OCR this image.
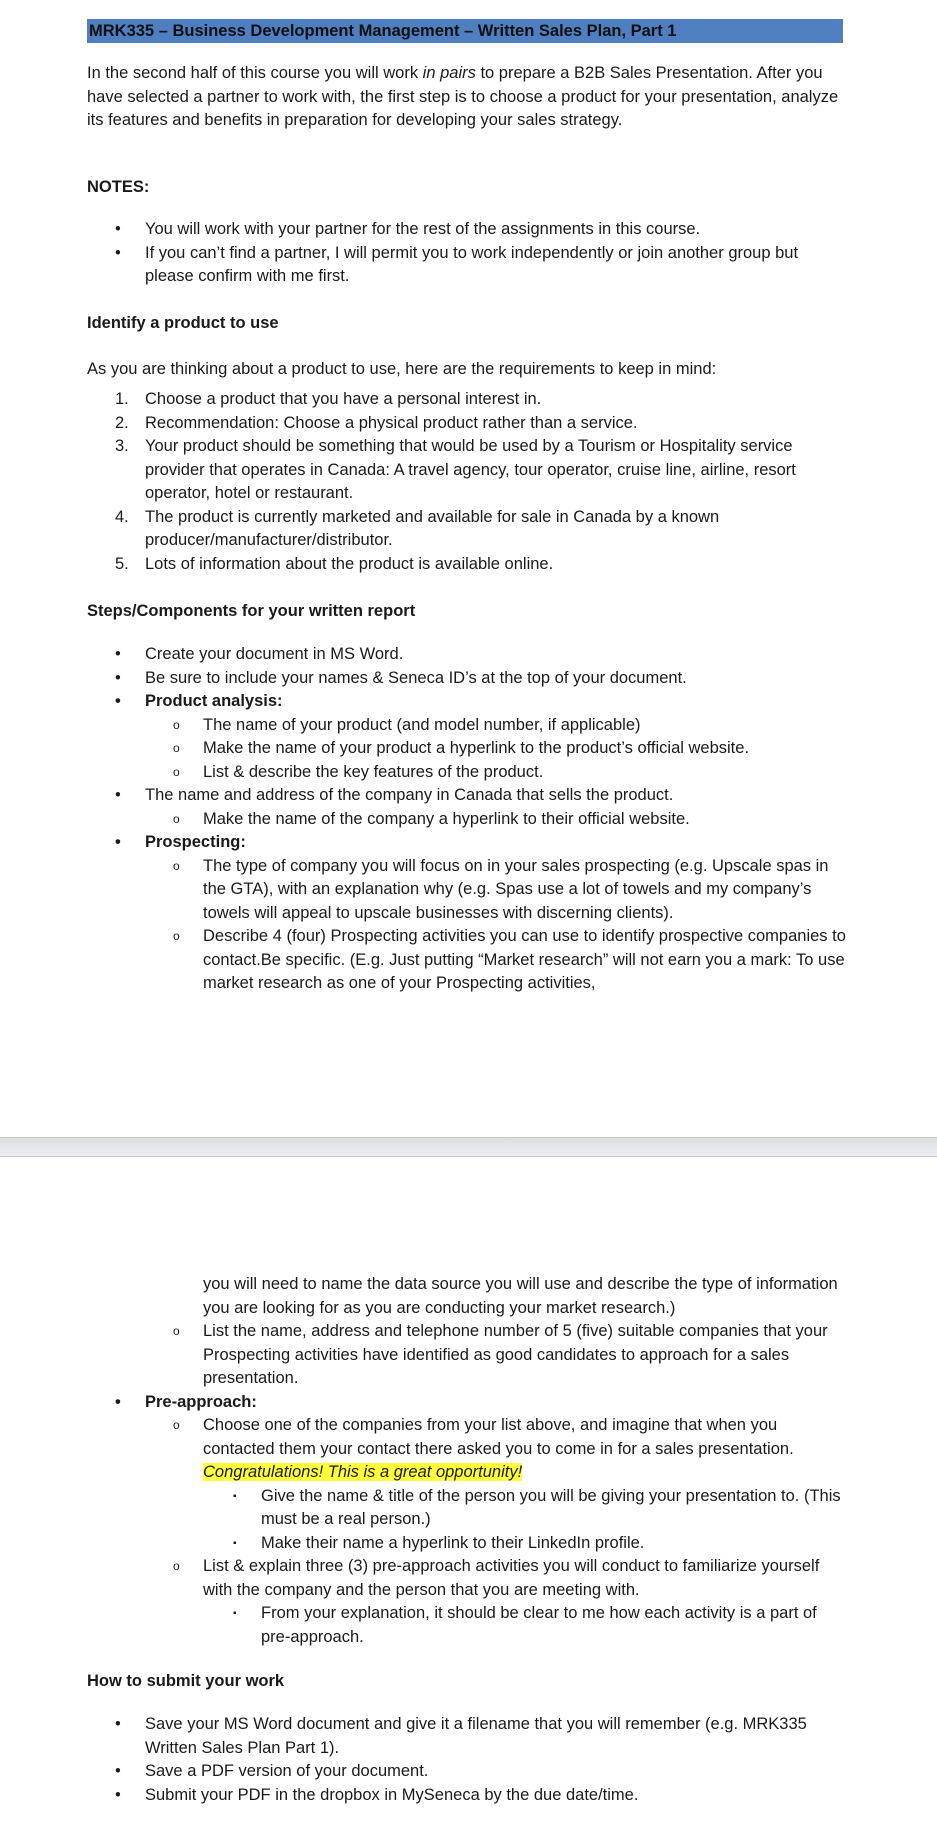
MRK335 – Business Development Management – Written Sales Plan, Part 1

In the second half of this course you will work in pairs to prepare a B2B Sales Presentation. After you have selected a partner to work with, the first step is to choose a product for your presentation, analyze its features and benefits in preparation for developing your sales strategy.

NOTES:

• You will work with your partner for the rest of the assignments in this course.
• If you can’t find a partner, I will permit you to work independently or join another group but please confirm with me first.

Identify a product to use

As you are thinking about a product to use, here are the requirements to keep in mind:

1. Choose a product that you have a personal interest in.
2. Recommendation: Choose a physical product rather than a service.
3. Your product should be something that would be used by a Tourism or Hospitality service provider that operates in Canada: A travel agency, tour operator, cruise line, airline, resort operator, hotel or restaurant.
4. The product is currently marketed and available for sale in Canada by a known producer/manufacturer/distributor.
5. Lots of information about the product is available online.

Steps/Components for your written report

• Create your document in MS Word.
• Be sure to include your names & Seneca ID’s at the top of your document.
• Product analysis:
o The name of your product (and model number, if applicable)
o Make the name of your product a hyperlink to the product’s official website.
o List & describe the key features of the product.
• The name and address of the company in Canada that sells the product.
o Make the name of the company a hyperlink to their official website.
• Prospecting:
o The type of company you will focus on in your sales prospecting (e.g. Upscale spas in the GTA), with an explanation why (e.g. Spas use a lot of towels and my company’s towels will appeal to upscale businesses with discerning clients).
o Describe 4 (four) Prospecting activities you can use to identify prospective companies to contact.Be specific. (E.g. Just putting “Market research” will not earn you a mark: To use market research as one of your Prospecting activities,
you will need to name the data source you will use and describe the type of information you are looking for as you are conducting your market research.)
o List the name, address and telephone number of 5 (five) suitable companies that your Prospecting activities have identified as good candidates to approach for a sales presentation.
• Pre-approach:
o Choose one of the companies from your list above, and imagine that when you contacted them your contact there asked you to come in for a sales presentation. Congratulations! This is a great opportunity!
▪ Give the name & title of the person you will be giving your presentation to. (This must be a real person.)
▪ Make their name a hyperlink to their LinkedIn profile.
o List & explain three (3) pre-approach activities you will conduct to familiarize yourself with the company and the person that you are meeting with.
▪ From your explanation, it should be clear to me how each activity is a part of pre-approach.

How to submit your work

• Save your MS Word document and give it a filename that you will remember (e.g. MRK335 Written Sales Plan Part 1).
• Save a PDF version of your document.
• Submit your PDF in the dropbox in MySeneca by the due date/time.
